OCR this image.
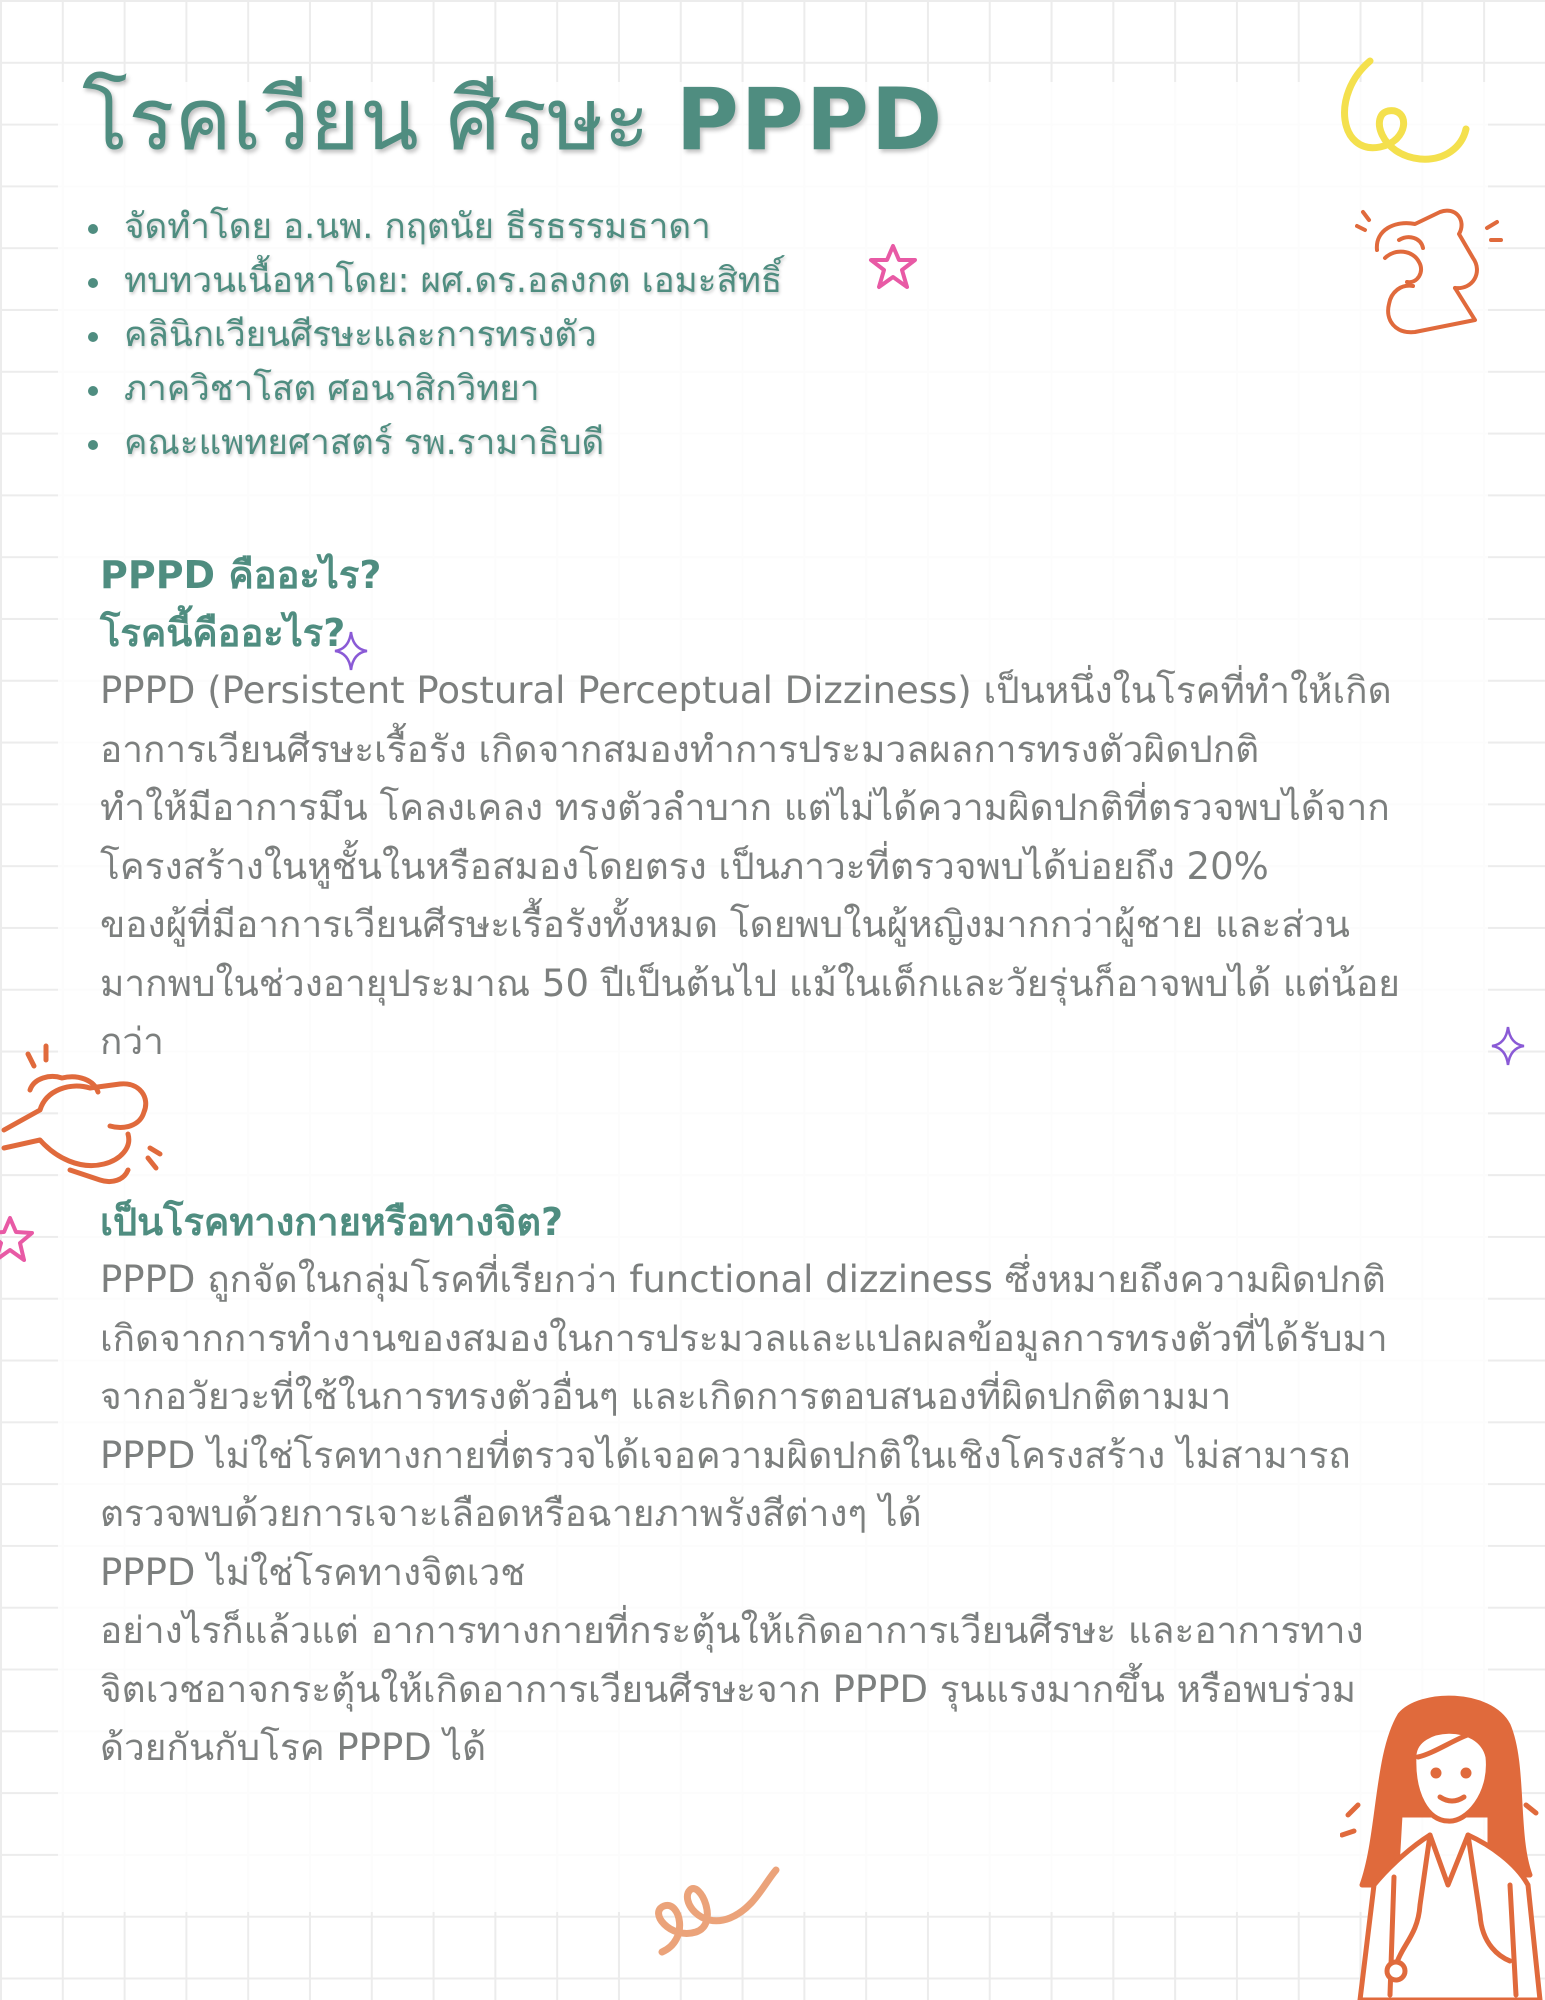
โรคเวียน ศีรษะ PPPD
จัดทำโดย อ.นพ. กฤตนัย ธีรธรรมธาดา
ทบทวนเนื้อหาโดย: ผศ.ดร.อลงกต เอมะสิทธิ์
คลินิกเวียนศีรษะและการทรงตัว
ภาควิชาโสต ศอนาสิกวิทยา
คณะแพทยศาสตร์ รพ.รามาธิบดี
PPPD คืออะไร?
โรคนี้คืออะไร?

PPPD (Persistent Postural Perceptual Dizziness) เป็นหนึ่งในโรคที่ทำให้เกิด

อาการเวียนศีรษะเรื้อรัง เกิดจากสมองทำการประมวลผลการทรงตัวผิดปกติ

ทำให้มีอาการมึน โคลงเคลง ทรงตัวลำบาก แต่ไม่ได้ความผิดปกติที่ตรวจพบได้จาก

โครงสร้างในหูชั้นในหรือสมองโดยตรง เป็นภาวะที่ตรวจพบได้บ่อยถึง 20%

ของผู้ที่มีอาการเวียนศีรษะเรื้อรังทั้งหมด โดยพบในผู้หญิงมากกว่าผู้ชาย และส่วน

มากพบในช่วงอายุประมาณ 50 ปีเป็นต้นไป แม้ในเด็กและวัยรุ่นก็อาจพบได้ แต่น้อย

กว่า

เป็นโรคทางกายหรือทางจิต?

PPPD ถูกจัดในกลุ่มโรคที่เรียกว่า functional dizziness ซึ่งหมายถึงความผิดปกติ

เกิดจากการทำงานของสมองในการประมวลและแปลผลข้อมูลการทรงตัวที่ได้รับมา

จากอวัยวะที่ใช้ในการทรงตัวอื่นๆ และเกิดการตอบสนองที่ผิดปกติตามมา

PPPD ไม่ใช่โรคทางกายที่ตรวจได้เจอความผิดปกติในเชิงโครงสร้าง ไม่สามารถ

ตรวจพบด้วยการเจาะเลือดหรือฉายภาพรังสีต่างๆ ได้

PPPD ไม่ใช่โรคทางจิตเวช

อย่างไรก็แล้วแต่ อาการทางกายที่กระตุ้นให้เกิดอาการเวียนศีรษะ และอาการทาง

จิตเวชอาจกระตุ้นให้เกิดอาการเวียนศีรษะจาก PPPD รุนแรงมากขึ้น หรือพบร่วม

ด้วยกันกับโรค PPPD ได้
